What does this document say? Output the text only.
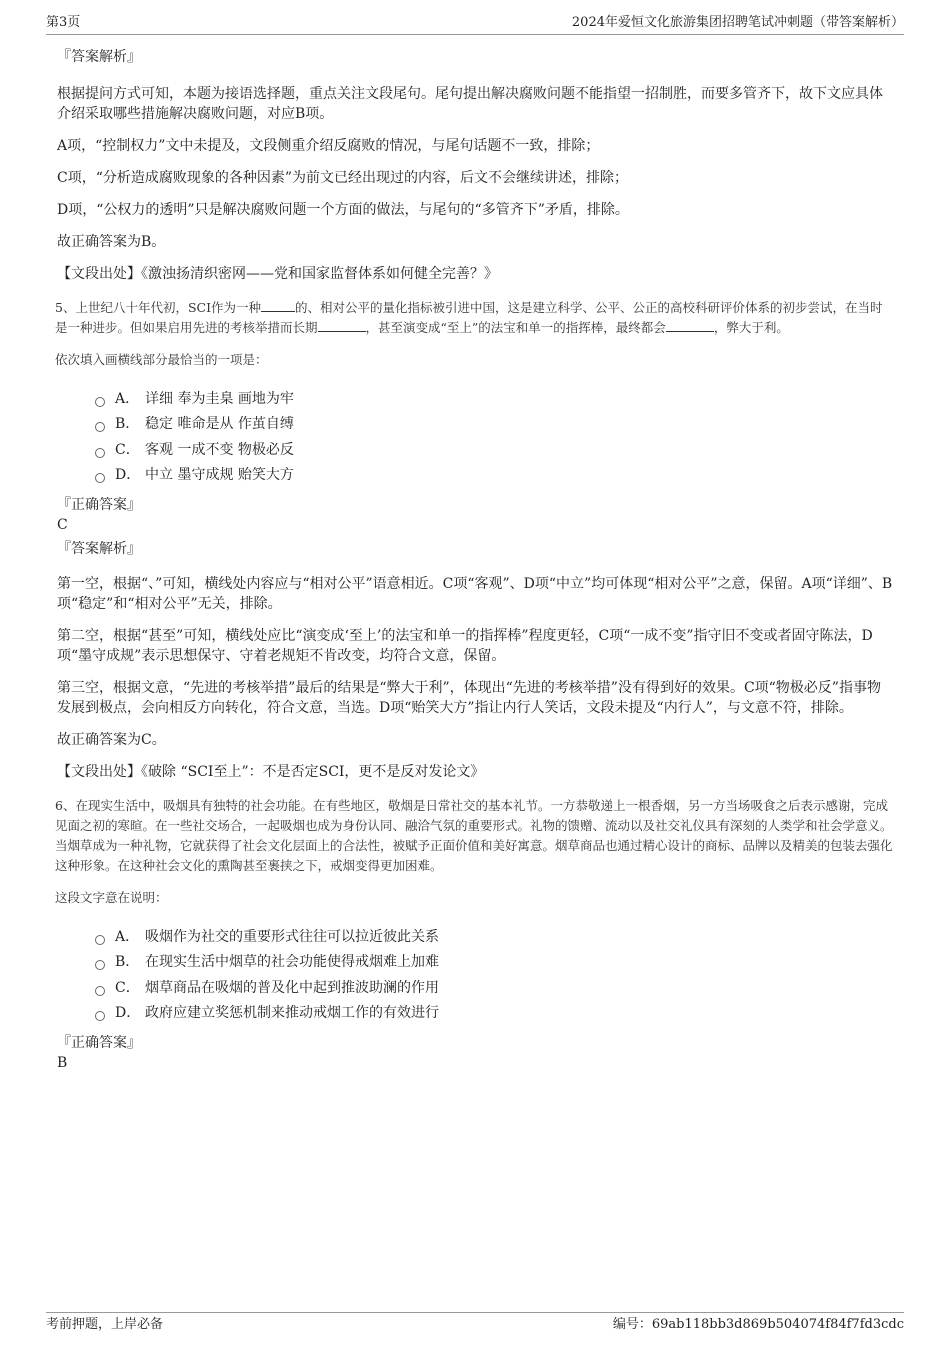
第3页	2024年爱恒文化旅游集团招聘笔试冲刺题（带答案解析）
『答案解析』

根据提问方式可知，本题为接语选择题，重点关注文段尾句。尾句提出解决腐败问题不能指望一招制胜，而要多管齐下，故下文应具体介绍采取哪些措施解决腐败问题，对应B项。

A项，“控制权力”文中未提及，文段侧重介绍反腐败的情况，与尾句话题不一致，排除；

C项，“分析造成腐败现象的各种因素”为前文已经出现过的内容，后文不会继续讲述，排除；

D项，“公权力的透明”只是解决腐败问题一个方面的做法，与尾句的“多管齐下”矛盾，排除。

故正确答案为B。

【文段出处】《激浊扬清织密网——党和国家监督体系如何健全完善？》

5、上世纪八十年代初，SCI作为一种	的、相对公平的量化指标被引进中国，这是建立科学、公平、公正的高校科研评价体系的初步尝试，在当时是一种进步。但如果启用先进的考核举措而长期	，甚至演变成“至上”的法宝和单一的指挥棒，最终都会	，弊大于利。

依次填入画横线部分最恰当的一项是：

A． 详细 奉为圭臬 画地为牢
B． 稳定 唯命是从 作茧自缚
C． 客观 一成不变 物极必反
D． 中立 墨守成规 贻笑大方
『正确答案』
C
『答案解析』

第一空，根据“、”可知，横线处内容应与“相对公平”语意相近。C项“客观”、D项“中立”均可体现“相对公平”之意，保留。A项“详细”、B项“稳定”和“相对公平”无关，排除。

第二空，根据“甚至”可知，横线处应比“演变成‘至上’的法宝和单一的指挥棒”程度更轻，C项“一成不变”指守旧不变或者固守陈法，D项“墨守成规”表示思想保守、守着老规矩不肯改变，均符合文意，保留。

第三空，根据文意，“先进的考核举措”最后的结果是“弊大于利”，体现出“先进的考核举措”没有得到好的效果。C项“物极必反”指事物发展到极点，会向相反方向转化，符合文意，当选。D项“贻笑大方”指让内行人笑话，文段未提及“内行人”，与文意不符，排除。

故正确答案为C。

【文段出处】《破除 “SCI至上”：不是否定SCI，更不是反对发论文》

6、在现实生活中，吸烟具有独特的社会功能。在有些地区，敬烟是日常社交的基本礼节。一方恭敬递上一根香烟，另一方当场吸食之后表示感谢，完成见面之初的寒暄。在一些社交场合，一起吸烟也成为身份认同、融洽气氛的重要形式。礼物的馈赠、流动以及社交礼仪具有深刻的人类学和社会学意义。当烟草成为一种礼物，它就获得了社会文化层面上的合法性，被赋予正面价值和美好寓意。烟草商品也通过精心设计的商标、品牌以及精美的包装去强化这种形象。在这种社会文化的熏陶甚至裹挟之下，戒烟变得更加困难。

这段文字意在说明：

A． 吸烟作为社交的重要形式往往可以拉近彼此关系
B． 在现实生活中烟草的社会功能使得戒烟难上加难
C． 烟草商品在吸烟的普及化中起到推波助澜的作用
D． 政府应建立奖惩机制来推动戒烟工作的有效进行
『正确答案』
B
考前押题，上岸必备	编号：69ab118bb3d869b504074f84f7fd3cdc
